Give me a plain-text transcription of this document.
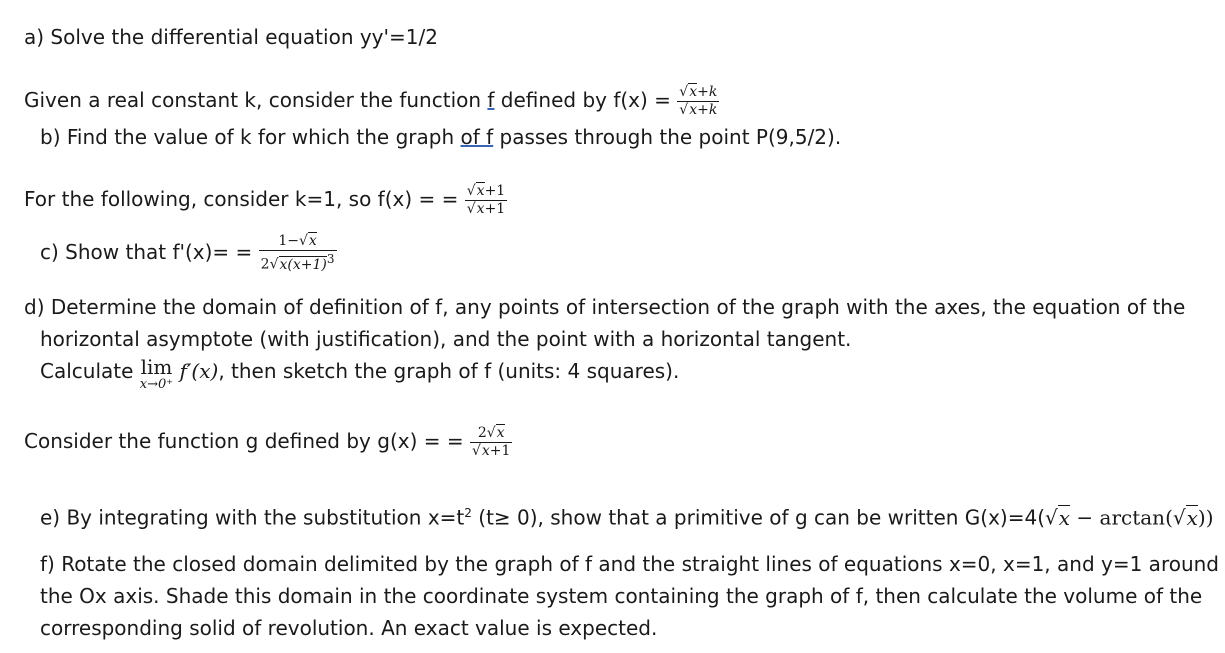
a) Solve the differential equation yy'=1/2
Given a real constant k, consider the function f defined by $f(x) = \frac{√x+k}{√x+k}$
b) Find the value of k for which the graph of f passes through the point P(9,5/2).
For the following, consider k=1, so f(x) = = $\frac{√x+1}{√x+1}$
c) Show that $f'(x)= = \frac{1-√x}{2√x(x+1)3}$
d) Determine the domain of definition of f, any points of intersection of the graph with the axes, the equation of the
horizontal asymptote (with justification), and the point with a horizontal tangent.
Calculate lim
x→0⁺
f′(x), then sketch the graph of f (units: 4 squares).
Consider the function g defined by g(x) = = $\frac{2√x}{√x+1}$
e) By integrating with the substitution $x=t^2$ (t≥ 0), show that a primitive of g can be written G(x)=4(√x − arctan(√x))
f) Rotate the closed domain delimited by the graph of f and the straight lines of equations x=0, x=1, and y=1 around
the Ox axis. Shade this domain in the coordinate system containing the graph of f, then calculate the volume of the
corresponding solid of revolution. An exact value is expected.
